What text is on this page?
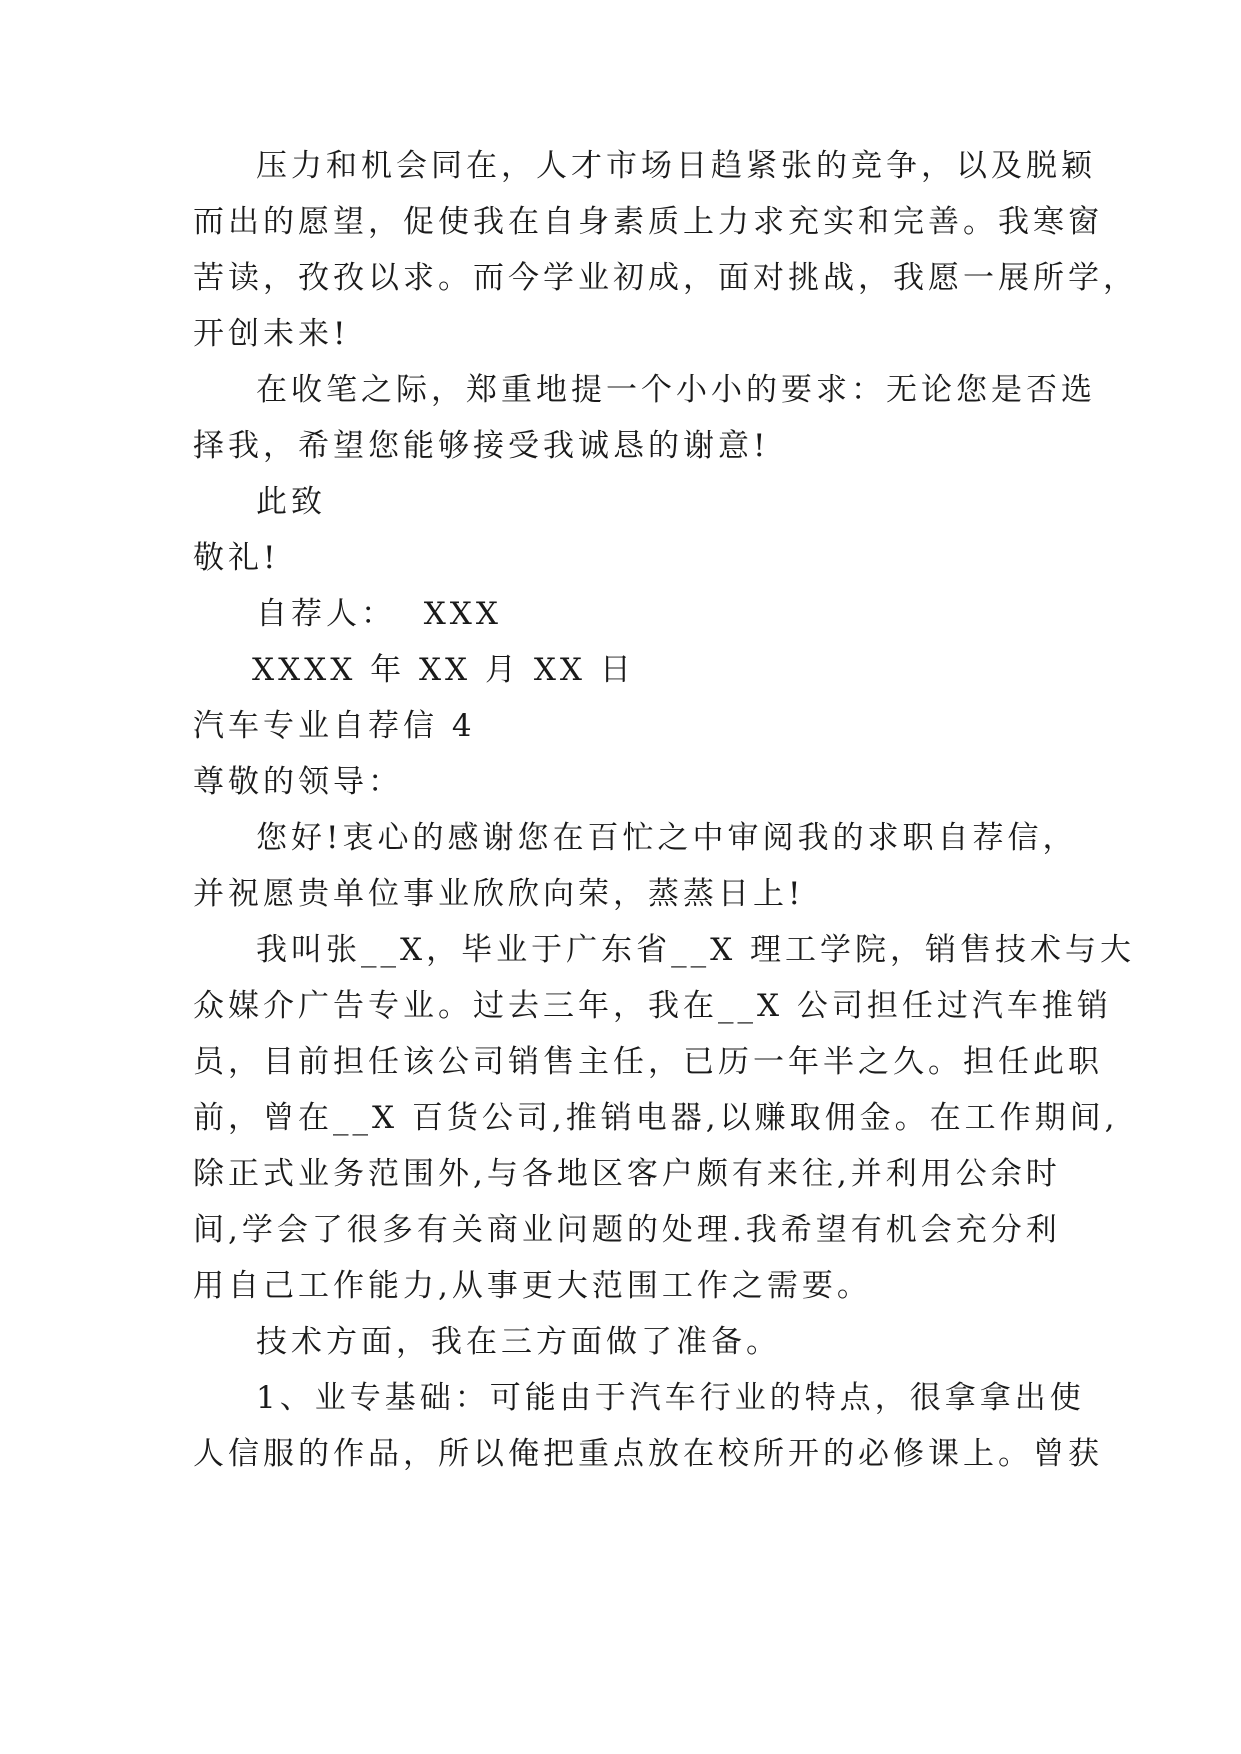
压力和机会同在，人才市场日趋紧张的竞争，以及脱颖
而出的愿望，促使我在自身素质上力求充实和完善。我寒窗
苦读，孜孜以求。而今学业初成，面对挑战，我愿一展所学，
开创未来!
在收笔之际，郑重地提一个小小的要求：无论您是否选
择我，希望您能够接受我诚恳的谢意!
此致
敬礼!
自荐人：  XXX
XXXX 年 XX 月 XX 日
汽车专业自荐信 4
尊敬的领导：
您好!衷心的感谢您在百忙之中审阅我的求职自荐信，
并祝愿贵单位事业欣欣向荣，蒸蒸日上!
我叫张__X，毕业于广东省__X 理工学院，销售技术与大
众媒介广告专业。过去三年，我在__X 公司担任过汽车推销
员，目前担任该公司销售主任，已历一年半之久。担任此职
前，曾在__X 百货公司,推销电器,以赚取佣金。在工作期间,
除正式业务范围外,与各地区客户颇有来往,并利用公余时
间,学会了很多有关商业问题的处理.我希望有机会充分利
用自己工作能力,从事更大范围工作之需要。
技术方面，我在三方面做了准备。
1、业专基础：可能由于汽车行业的特点，很拿拿出使
人信服的作品，所以俺把重点放在校所开的必修课上。曾获
